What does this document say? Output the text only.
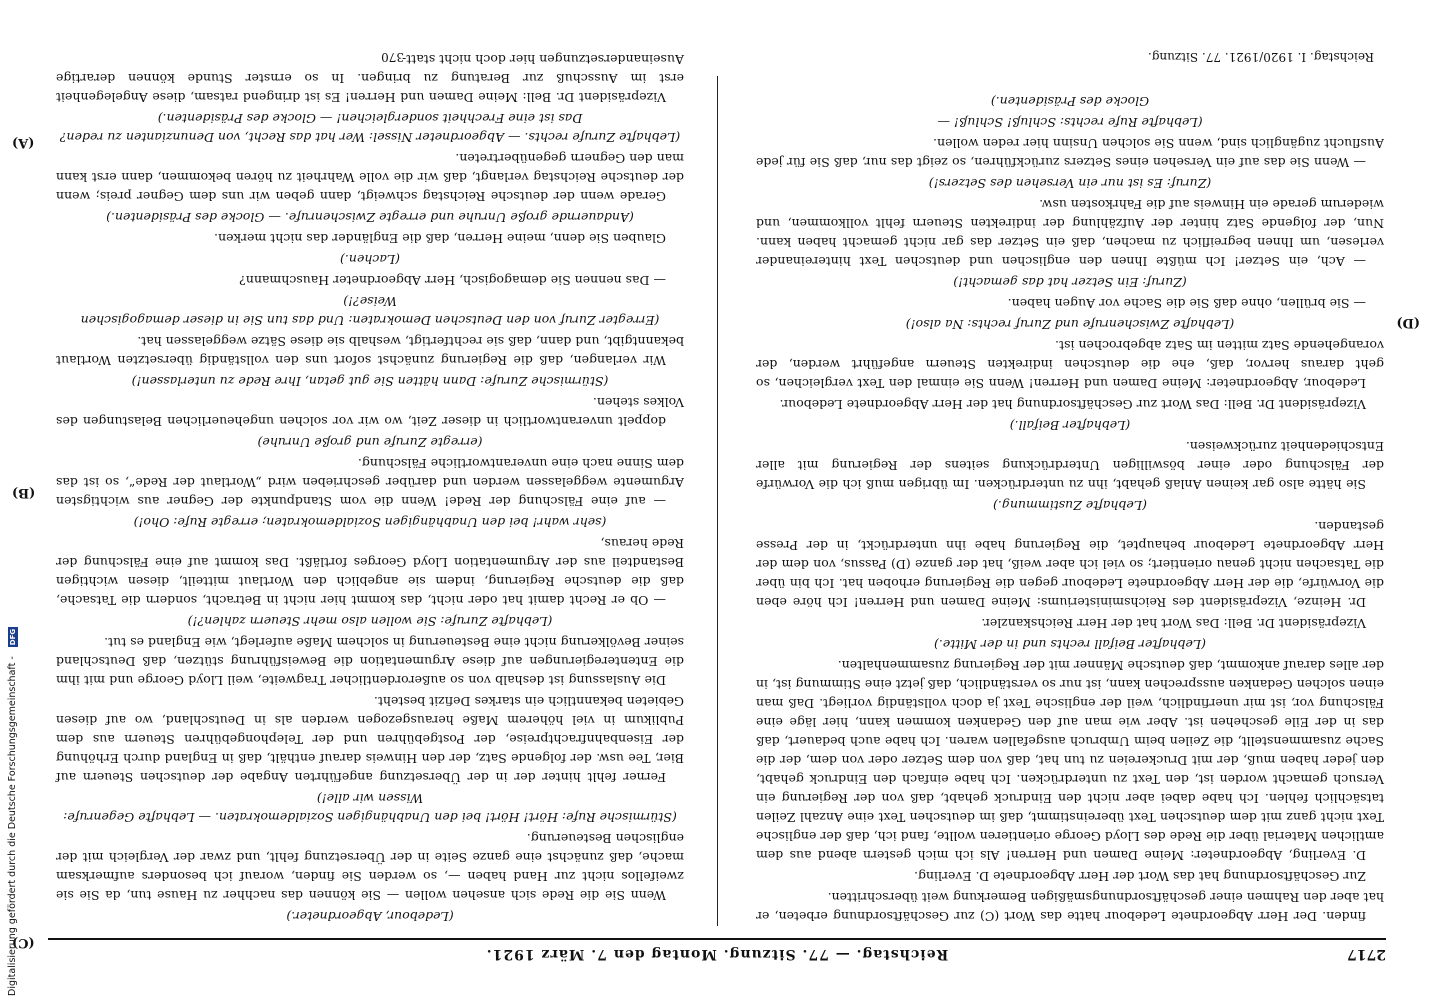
2717
Reichstag. — 77. Sitzung. Montag den 7. März 1921.

finden. Der Herr Abgeordnete Ledebour hatte das Wort (C) zur Geschäftsordnung erbeten, er hat aber den Rahmen einer geschäftsordnungsmäßigen Bemerkung weit überschritten.

Zur Geschäftsordnung hat das Wort der Herr Abgeordnete D. Everling.

D. Everling, Abgeordneter: Meine Damen und Herren! Als ich mich gestern abend aus dem amtlichen Material über die Rede des Lloyd George orientieren wollte, fand ich, daß der englische Text nicht ganz mit dem deutschen Text übereinstimmt, daß im deutschen Text eine Anzahl Zeilen tatsächlich fehlen. Ich habe dabei aber nicht den Eindruck gehabt, daß von der Regierung ein Versuch gemacht worden ist, den Text zu unterdrücken. Ich habe einfach den Eindruck gehabt, den jeder haben muß, der mit Druckereien zu tun hat, daß von dem Setzer oder von dem, der die Sache zusammenstellt, die Zeilen beim Umbruch ausgefallen waren. Ich habe auch bedauert, daß das in der Eile geschehen ist. Aber wie man auf den Gedanken kommen kann, hier läge eine Fälschung vor, ist mir unerfindlich, weil der englische Text ja doch vollständig vorliegt. Daß man einen solchen Gedanken aussprechen kann, ist nur so verständlich, daß jetzt eine Stimmung ist, in der alles darauf ankommt, daß deutsche Männer mit der Regierung zusammenhalten.

(Lebhafter Beifall rechts und in der Mitte.)

Vizepräsident Dr. Bell: Das Wort hat der Herr Reichskanzler.

Dr. Heinze, Vizepräsident des Reichsministeriums: Meine Damen und Herren! Ich höre eben die Vorwürfe, die der Herr Abgeordnete Ledebour gegen die Regierung erhoben hat. Ich bin über die Tatsachen nicht genau orientiert; so viel ich aber weiß, hat der ganze (D) Passus, von dem der Herr Abgeordnete Ledebour behauptet, die Regierung habe ihn unterdrückt, in der Presse gestanden.

(Lebhafte Zustimmung.)

Sie hätte also gar keinen Anlaß gehabt, ihn zu unterdrücken. Im übrigen muß ich die Vorwürfe der Fälschung oder einer böswilligen Unterdrückung seitens der Regierung mit aller Entschiedenheit zurückweisen.

(Lebhafter Beifall.)

Vizepräsident Dr. Bell: Das Wort zur Geschäftsordnung hat der Herr Abgeordnete Ledebour.

Ledebour, Abgeordneter: Meine Damen und Herren! Wenn Sie einmal den Text vergleichen, so geht daraus hervor, daß, ehe die deutschen indirekten Steuern angeführt werden, der vorangehende Satz mitten im Satz abgebrochen ist.

(Lebhafte Zwischenrufe und Zuruf rechts: Na also!)

— Sie brüllen, ohne daß Sie die Sache vor Augen haben.

(Zuruf: Ein Setzer hat das gemacht!)

— Ach, ein Setzer! Ich müßte Ihnen den englischen und deutschen Text hintereinander verlesen, um Ihnen begreiflich zu machen, daß ein Setzer das gar nicht gemacht haben kann. Nun, der folgende Satz hinter der Aufzählung der indirekten Steuern fehlt vollkommen, und wiederum gerade ein Hinweis auf die Fahrkosten usw.

(Zuruf: Es ist nur ein Versehen des Setzers!)

— Wenn Sie das auf ein Versehen eines Setzers zurückführen, so zeigt das nur, daß Sie für jede Ausflucht zugänglich sind, wenn Sie solchen Unsinn hier reden wollen.

(Lebhafte Rufe rechts: Schluß! Schluß! —

Glocke des Präsidenten.)

(Ledebour, Abgeordneter.)

Wenn Sie die Rede sich ansehen wollen — Sie können das nachher zu Hause tun, da Sie sie zweifellos nicht zur Hand haben —, so werden Sie finden, worauf ich besonders aufmerksam mache, daß zunächst eine ganze Seite in der Übersetzung fehlt, und zwar der Vergleich mit der englischen Besteuerung.

(Stürmische Rufe: Hört! Hört! bei den Unabhängigen Sozialdemokraten. — Lebhafte Gegenrufe: Wissen wir alle!)

Ferner fehlt hinter der in der Übersetzung angeführten Angabe der deutschen Steuern auf Bier, Tee usw. der folgende Satz, der den Hinweis darauf enthält, daß in England durch Erhöhung der Eisenbahnfrachtpreise, der Postgebühren und der Telephongebühren Steuern aus dem Publikum in viel höherem Maße herausgezogen werden als in Deutschland, wo auf diesen Gebieten bekanntlich ein starkes Defizit besteht.

Die Auslassung ist deshalb von so außerordentlicher Tragweite, weil Lloyd George und mit ihm die Ententeregierungen auf diese Argumentation die Beweisführung stützen, daß Deutschland seiner Bevölkerung nicht eine Besteuerung in solchem Maße auferlegt, wie England es tut.

(Lebhafte Zurufe: Sie wollen also mehr Steuern zahlen?!)

— Ob er Recht damit hat oder nicht, das kommt hier nicht in Betracht, sondern die Tatsache, daß die deutsche Regierung, indem sie angeblich den Wortlaut mitteilt, diesen wichtigen Bestandteil aus der Argumentation Lloyd Georges fortläßt. Das kommt auf eine Fälschung der Rede heraus,

(sehr wahr! bei den Unabhängigen Sozialdemokraten; erregte Rufe: Oho!)

— auf eine Fälschung der Rede! Wenn die vom Standpunkte der Gegner aus wichtigsten Argumente weggelassen werden und darüber geschrieben wird „Wortlaut der Rede“, so ist das dem Sinne nach eine unverantwortliche Fälschung.

(erregte Zurufe und große Unruhe)

doppelt unverantwortlich in dieser Zeit, wo wir vor solchen ungeheuerlichen Belastungen des Volkes stehen.

(Stürmische Zurufe: Dann hätten Sie gut getan, Ihre Rede zu unterlassen!)

Wir verlangen, daß die Regierung zunächst sofort uns den vollständig übersetzten Wortlaut bekanntgibt, und dann, daß sie rechtfertigt, weshalb sie diese Sätze weggelassen hat.

(Erregter Zuruf von den Deutschen Demokraten: Und das tun Sie in dieser demagogischen Weise?!)

— Das nennen Sie demagogisch, Herr Abgeordneter Hauschmann?

(Lachen.)

Glauben Sie denn, meine Herren, daß die Engländer das nicht merken.

(Andauernde große Unruhe und erregte Zwischenrufe. — Glocke des Präsidenten.)

Gerade wenn der deutsche Reichstag schweigt, dann geben wir uns dem Gegner preis; wenn der deutsche Reichstag verlangt, daß wir die volle Wahrheit zu hören bekommen, dann erst kann man den Gegnern gegenübertreten.

(Lebhafte Zurufe rechts. — Abgeordneter Nissel: Wer hat das Recht, von Denunzianten zu reden? Das ist eine Frechheit sondergleichen! — Glocke des Präsidenten.)

Vizepräsident Dr. Bell: Meine Damen und Herren! Es ist dringend ratsam, diese Angelegenheit erst im Ausschuß zur Beratung zu bringen. In so ernster Stunde können derartige Auseinandersetzungen hier doch nicht statt-

(C)
(D)
(B)
(A)
Reichstag. I. 1920/1921. 77. Sitzung.
370
Digitalisierung gefördert durch die Deutsche Forschungsgemeinschaft - DFG
